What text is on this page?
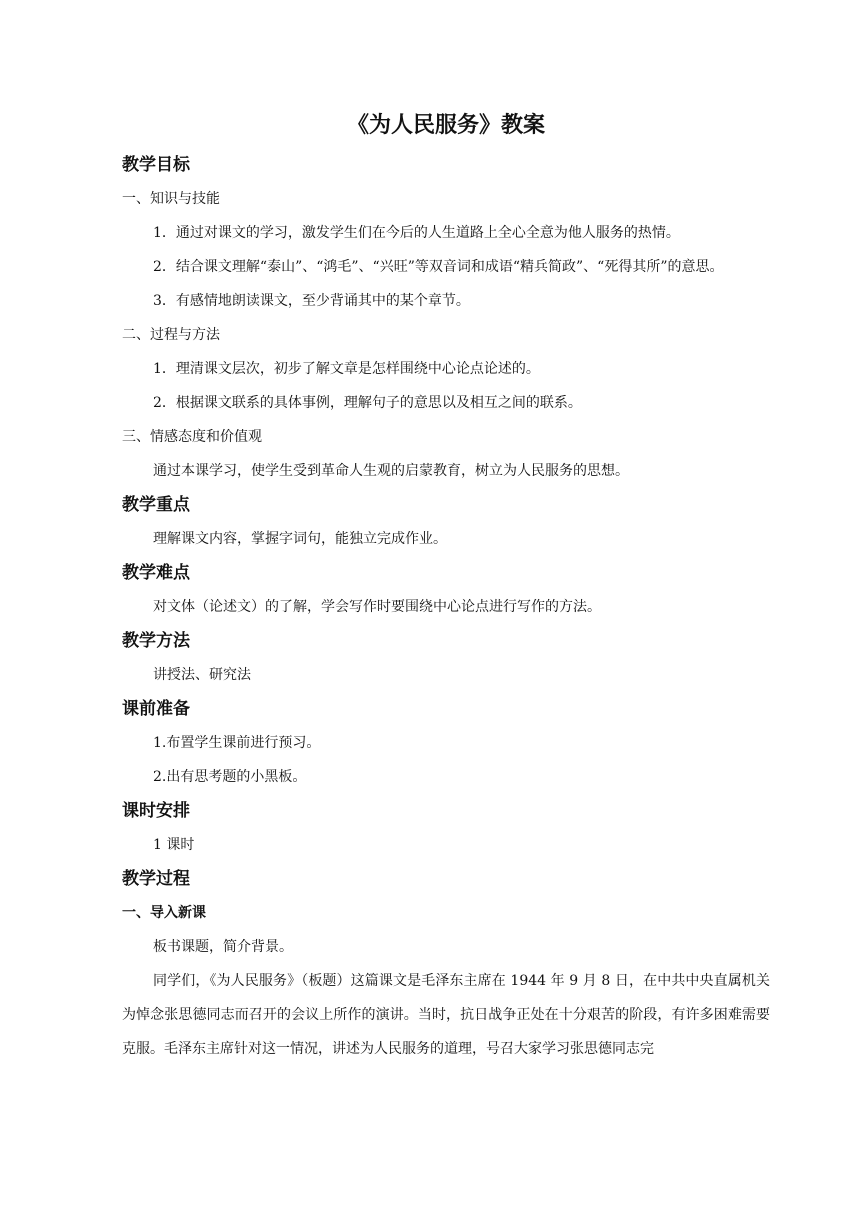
《为人民服务》教案
教学目标
一、知识与技能
1．通过对课文的学习，激发学生们在今后的人生道路上全心全意为他人服务的热情。
2．结合课文理解“泰山”、“鸿毛”、“兴旺”等双音词和成语“精兵简政”、“死得其所”的意思。
3．有感情地朗读课文，至少背诵其中的某个章节。
二、过程与方法
1．理清课文层次，初步了解文章是怎样围绕中心论点论述的。
2．根据课文联系的具体事例，理解句子的意思以及相互之间的联系。
三、情感态度和价值观
通过本课学习，使学生受到革命人生观的启蒙教育，树立为人民服务的思想。
教学重点
理解课文内容，掌握字词句，能独立完成作业。
教学难点
对文体（论述文）的了解，学会写作时要围绕中心论点进行写作的方法。
教学方法
讲授法、研究法
课前准备
1.布置学生课前进行预习。
2.出有思考题的小黑板。
课时安排
1 课时
教学过程
一、导入新课
板书课题，简介背景。
同学们，《为人民服务》（板题）这篇课文是毛泽东主席在 1944 年 9 月 8 日，在中共中央直属机关为悼念张思德同志而召开的会议上所作的演讲。当时，抗日战争正处在十分艰苦的阶段，有许多困难需要克服。毛泽东主席针对这一情况，讲述为人民服务的道理，号召大家学习张思德同志完
